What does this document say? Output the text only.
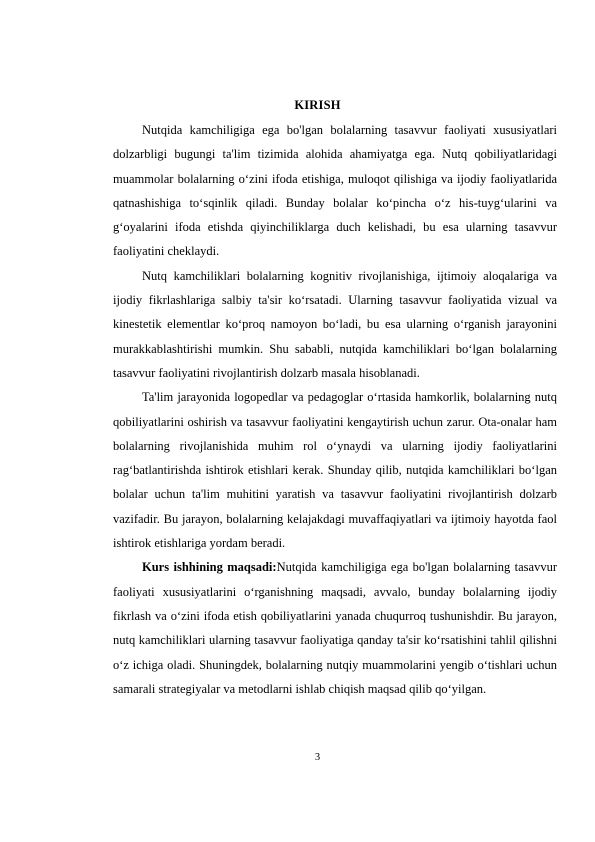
KIRISH

Nutqida kamchiligiga ega bo'lgan bolalarning tasavvur faoliyati xususiyatlari dolzarbligi bugungi ta'lim tizimida alohida ahamiyatga ega. Nutq qobiliyatlaridagi muammolar bolalarning o‘zini ifoda etishiga, muloqot qilishiga va ijodiy faoliyatlarida qatnashishiga to‘sqinlik qiladi. Bunday bolalar ko‘pincha o‘z his-tuyg‘ularini va g‘oyalarini ifoda etishda qiyinchiliklarga duch kelishadi, bu esa ularning tasavvur faoliyatini cheklaydi.

Nutq kamchiliklari bolalarning kognitiv rivojlanishiga, ijtimoiy aloqalariga va ijodiy fikrlashlariga salbiy ta'sir ko‘rsatadi. Ularning tasavvur faoliyatida vizual va kinestetik elementlar ko‘proq namoyon bo‘ladi, bu esa ularning o‘rganish jarayonini murakkablashtirishi mumkin. Shu sababli, nutqida kamchiliklari bo‘lgan bolalarning tasavvur faoliyatini rivojlantirish dolzarb masala hisoblanadi.

Ta'lim jarayonida logopedlar va pedagoglar o‘rtasida hamkorlik, bolalarning nutq qobiliyatlarini oshirish va tasavvur faoliyatini kengaytirish uchun zarur. Ota-onalar ham bolalarning rivojlanishida muhim rol o‘ynaydi va ularning ijodiy faoliyatlarini rag‘batlantirishda ishtirok etishlari kerak. Shunday qilib, nutqida kamchiliklari bo‘lgan bolalar uchun ta'lim muhitini yaratish va tasavvur faoliyatini rivojlantirish dolzarb vazifadir. Bu jarayon, bolalarning kelajakdagi muvaffaqiyatlari va ijtimoiy hayotda faol ishtirok etishlariga yordam beradi.

Kurs ishhining maqsadi:Nutqida kamchiligiga ega bo'lgan bolalarning tasavvur faoliyati xususiyatlarini o‘rganishning maqsadi, avvalo, bunday bolalarning ijodiy fikrlash va o‘zini ifoda etish qobiliyatlarini yanada chuqurroq tushunishdir. Bu jarayon, nutq kamchiliklari ularning tasavvur faoliyatiga qanday ta'sir ko‘rsatishini tahlil qilishni o‘z ichiga oladi. Shuningdek, bolalarning nutqiy muammolarini yengib o‘tishlari uchun samarali strategiyalar va metodlarni ishlab chiqish maqsad qilib qo‘yilgan.

3
